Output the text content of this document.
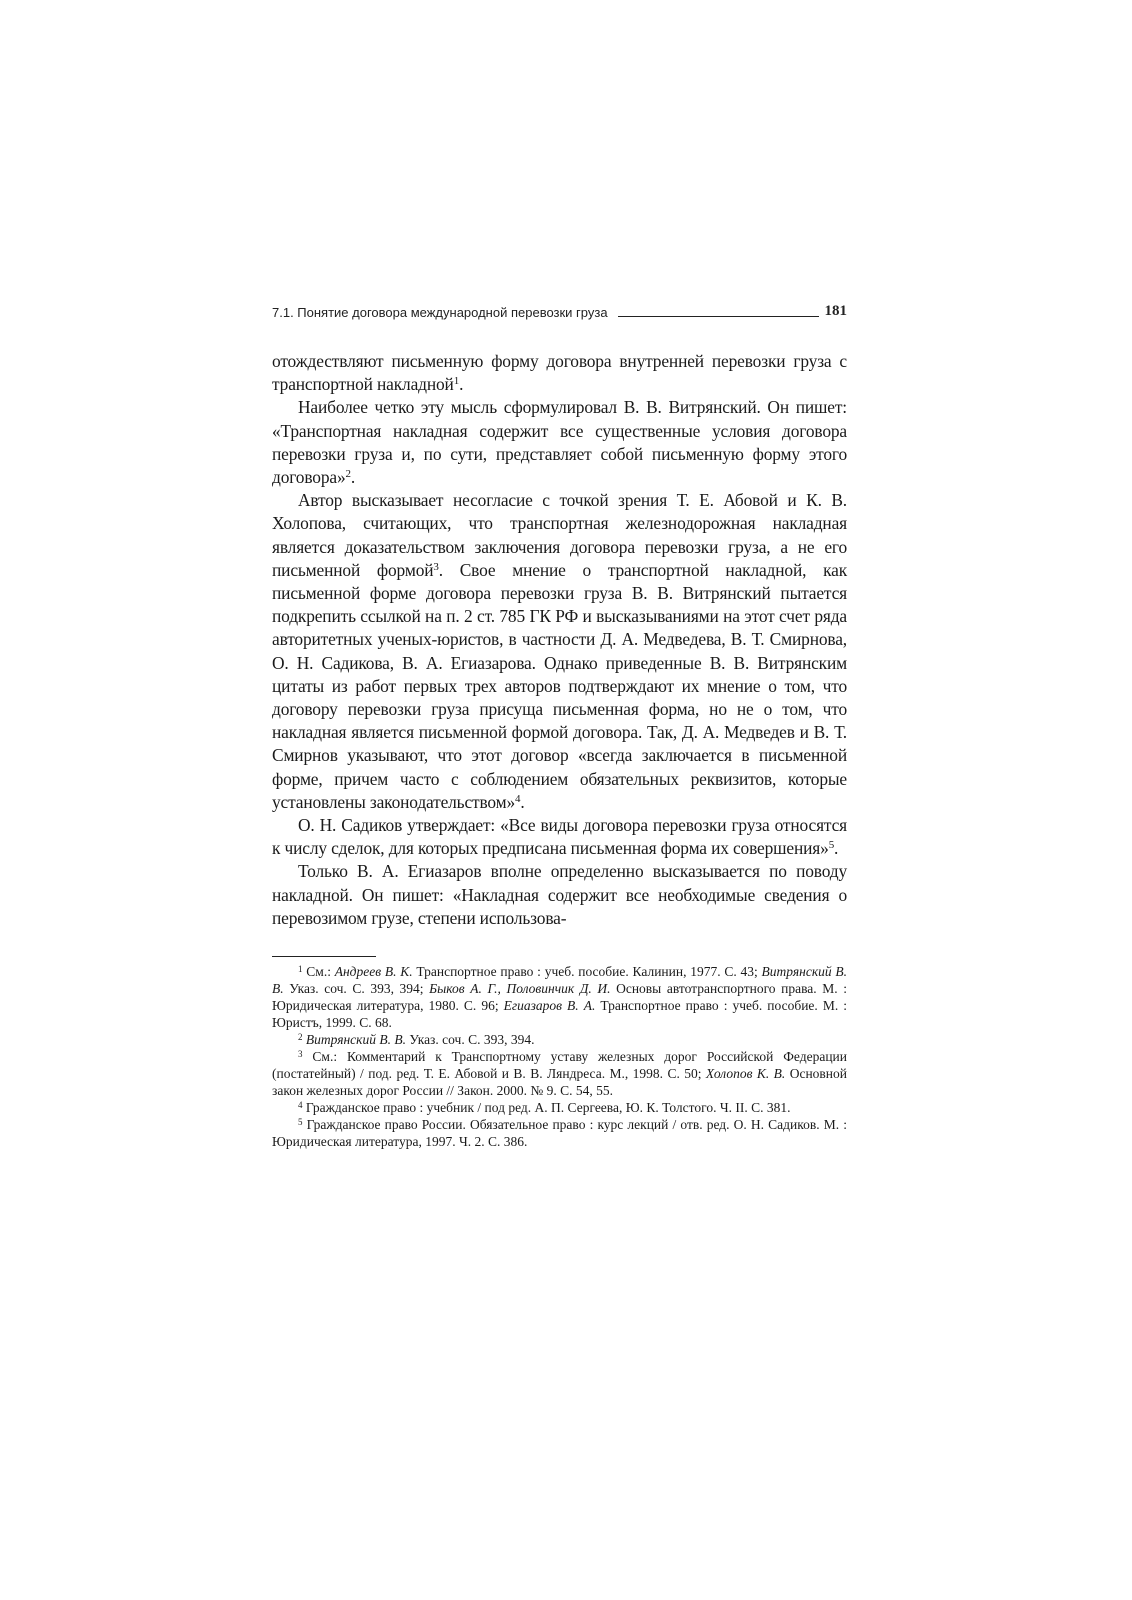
7.1. Понятие договора международной перевозки груза	181

отождествляют письменную форму договора внутренней перевозки груза с транспортной накладной$^1$.

Наиболее четко эту мысль сформулировал В. В. Витрянский. Он пишет: «Транспортная накладная содержит все существенные условия договора перевозки груза и, по сути, представляет собой письменную форму этого договора»$^2$.

Автор высказывает несогласие с точкой зрения Т. Е. Абовой и К. В. Холопова, считающих, что транспортная железнодорожная накладная является доказательством заключения договора перевозки груза, а не его письменной формой$^3$. Свое мнение о транспортной накладной, как письменной форме договора перевозки груза В. В. Витрянский пытается подкрепить ссылкой на п. 2 ст. 785 ГК РФ и высказываниями на этот счет ряда авторитетных ученых-юристов, в частности Д. А. Медведева, В. Т. Смирнова, О. Н. Садикова, В. А. Егиазарова. Однако приведенные В. В. Витрянским цитаты из работ первых трех авторов подтверждают их мнение о том, что договору перевозки груза присуща письменная форма, но не о том, что накладная является письменной формой договора. Так, Д. А. Медведев и В. Т. Смирнов указывают, что этот договор «всегда заключается в письменной форме, причем часто с соблюдением обязательных реквизитов, которые установлены законодательством»$^4$.

О. Н. Садиков утверждает: «Все виды договора перевозки груза относятся к числу сделок, для которых предписана письменная форма их совершения»$^5$.

Только В. А. Егиазаров вполне определенно высказывается по поводу накладной. Он пишет: «Накладная содержит все необходимые сведения о перевозимом грузе, степени использова-

$^1$ См.: Андреев В. К. Транспортное право : учеб. пособие. Калинин, 1977. С. 43; Витрянский В. В. Указ. соч. С. 393, 394; Быков А. Г., Половинчик Д. И. Основы автотранспортного права. М. : Юридическая литература, 1980. С. 96; Егиазаров В. А. Транспортное право : учеб. пособие. М. : Юристъ, 1999. С. 68.

$^2$ Витрянский В. В. Указ. соч. С. 393, 394.

$^3$ См.: Комментарий к Транспортному уставу железных дорог Российской Федерации (постатейный) / под. ред. Т. Е. Абовой и В. В. Ляндреса. М., 1998. С. 50; Холопов К. В. Основной закон железных дорог России // Закон. 2000. № 9. С. 54, 55.

$^4$ Гражданское право : учебник / под ред. А. П. Сергеева, Ю. К. Толстого. Ч. II. С. 381.

$^5$ Гражданское право России. Обязательное право : курс лекций / отв. ред. О. Н. Садиков. М. : Юридическая литература, 1997. Ч. 2. С. 386.
